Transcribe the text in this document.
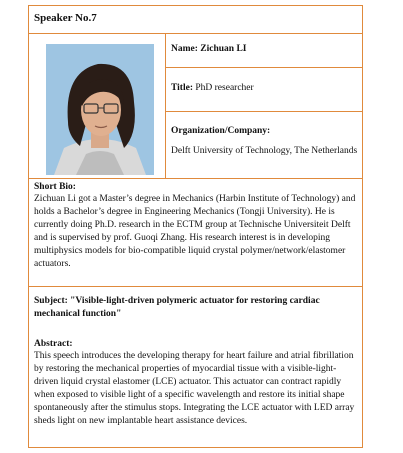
Speaker No.7
Name: Zichuan LI
Title: PhD researcher
Organization/Company:
Delft University of Technology, The Netherlands
Short Bio:
Zichuan Li got a Master’s degree in Mechanics (Harbin Institute of Technology) and
holds a Bachelor’s degree in Engineering Mechanics (Tongji University). He is
currently doing Ph.D. research in the ECTM group at Technische Universiteit Delft
and is supervised by prof. Guoqi Zhang. His research interest is in developing
multiphysics models for bio-compatible liquid crystal polymer/network/elastomer
actuators.
Subject: "Visible-light-driven polymeric actuator for restoring cardiac
mechanical function"
Abstract:
This speech introduces the developing therapy for heart failure and atrial fibrillation
by restoring the mechanical properties of myocardial tissue with a visible-light-
driven liquid crystal elastomer (LCE) actuator. This actuator can contract rapidly
when exposed to visible light of a specific wavelength and restore its initial shape
spontaneously after the stimulus stops. Integrating the LCE actuator with LED array
sheds light on new implantable heart assistance devices.
